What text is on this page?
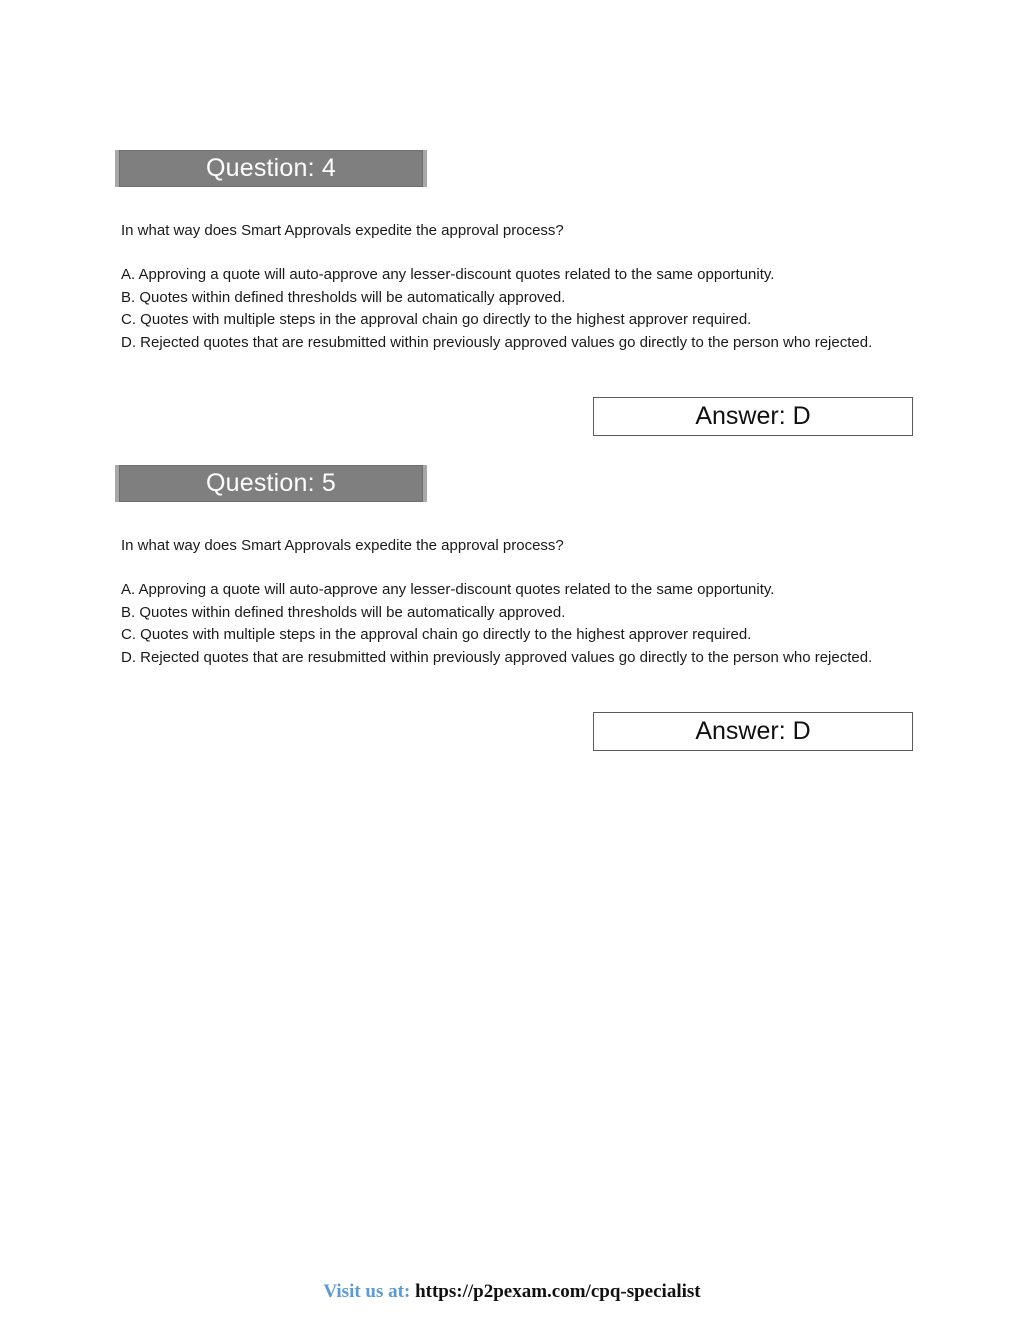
Question: 4

In what way does Smart Approvals expedite the approval process?

A. Approving a quote will auto-approve any lesser-discount quotes related to the same opportunity.
B. Quotes within defined thresholds will be automatically approved.
C. Quotes with multiple steps in the approval chain go directly to the highest approver required.
D. Rejected quotes that are resubmitted within previously approved values go directly to the person who rejected.
Answer: D
Question: 5

In what way does Smart Approvals expedite the approval process?

A. Approving a quote will auto-approve any lesser-discount quotes related to the same opportunity.
B. Quotes within defined thresholds will be automatically approved.
C. Quotes with multiple steps in the approval chain go directly to the highest approver required.
D. Rejected quotes that are resubmitted within previously approved values go directly to the person who rejected.
Answer: D
Visit us at: https://p2pexam.com/cpq-specialist
